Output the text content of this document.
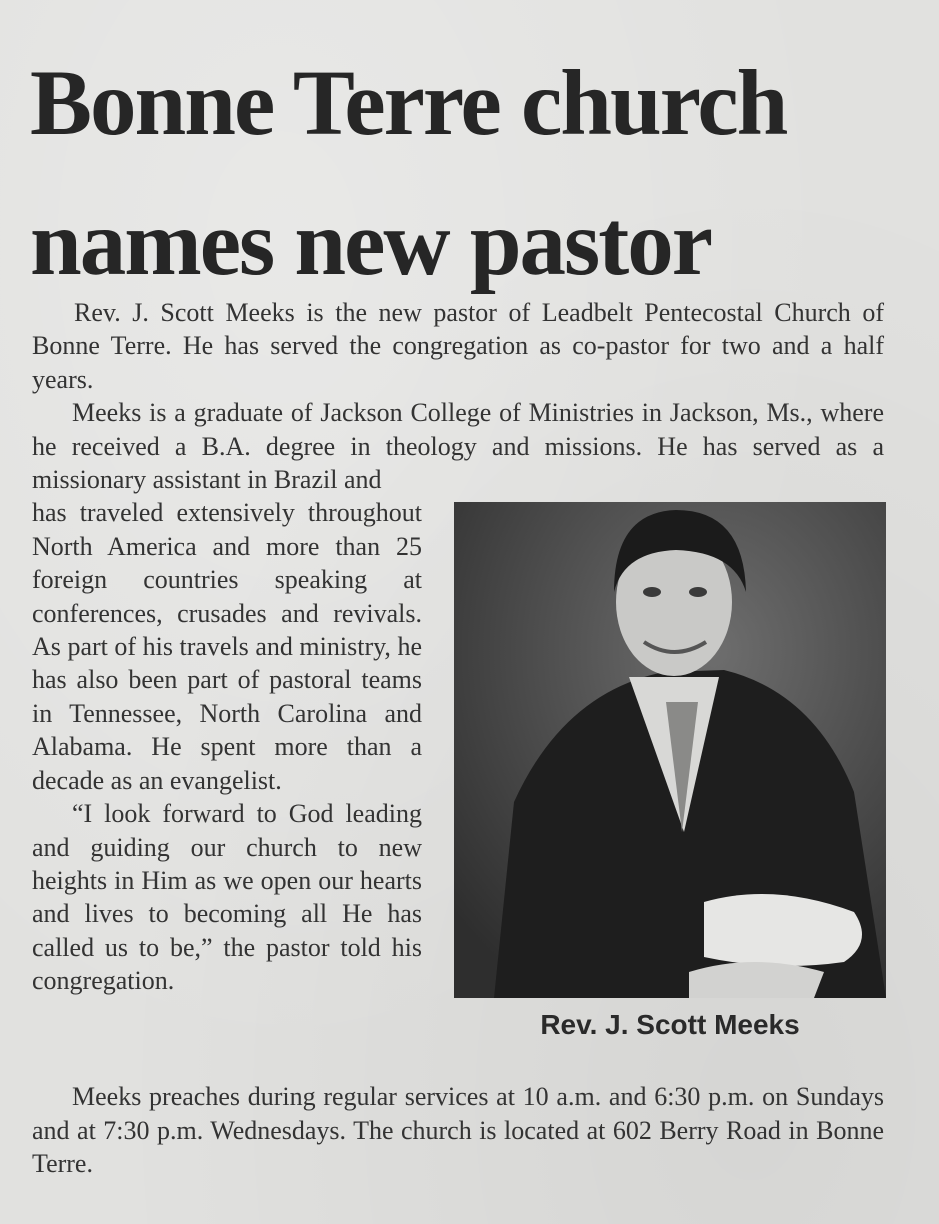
Bonne Terre church
names new pastor

Rev. J. Scott Meeks is the new pastor of Leadbelt Pentecostal Church of Bonne Terre. He has served the congregation as co-pastor for two and a half years.

Meeks is a graduate of Jackson College of Ministries in Jackson, Ms., where he received a B.A. degree in theology and missions. He has served as a missionary assistant in Brazil and

Rev. J. Scott Meeks

has traveled extensively throughout North America and more than 25 foreign countries speaking at conferences, crusades and revivals. As part of his travels and ministry, he has also been part of pastoral teams in Tennessee, North Carolina and Alabama. He spent more than a decade as an evangelist.

“I look forward to God leading and guiding our church to new heights in Him as we open our hearts and lives to becoming all He has called us to be,” the pastor told his congregation.

Meeks preaches during regular services at 10 a.m. and 6:30 p.m. on Sundays and at 7:30 p.m. Wednesdays. The church is located at 602 Berry Road in Bonne Terre.
